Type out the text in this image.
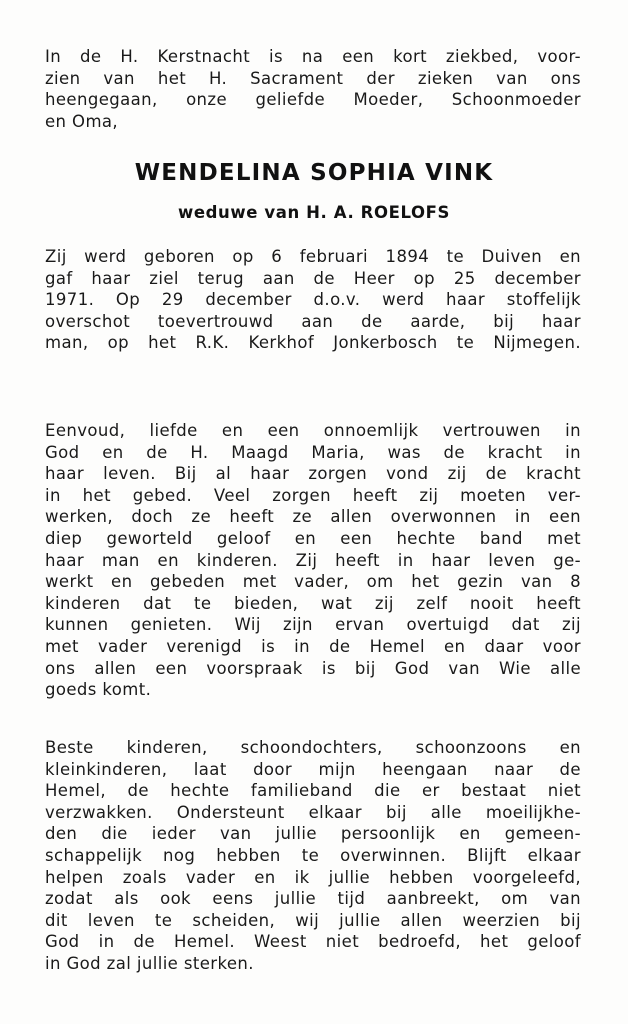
In de H. Kerstnacht is na een kort ziekbed, voor-
zien van het H. Sacrament der zieken van ons
heengegaan, onze geliefde Moeder, Schoonmoeder
en Oma,
WENDELINA SOPHIA VINK
weduwe van H. A. ROELOFS
Zij werd geboren op 6 februari 1894 te Duiven en
gaf haar ziel terug aan de Heer op 25 december
1971. Op 29 december d.o.v. werd haar stoffelijk
overschot toevertrouwd aan de aarde, bij haar
man, op het R.K. Kerkhof Jonkerbosch te Nijmegen.
Eenvoud, liefde en een onnoemlijk vertrouwen in
God en de H. Maagd Maria, was de kracht in
haar leven. Bij al haar zorgen vond zij de kracht
in het gebed. Veel zorgen heeft zij moeten ver-
werken, doch ze heeft ze allen overwonnen in een
diep geworteld geloof en een hechte band met
haar man en kinderen. Zij heeft in haar leven ge-
werkt en gebeden met vader, om het gezin van 8
kinderen dat te bieden, wat zij zelf nooit heeft
kunnen genieten. Wij zijn ervan overtuigd dat zij
met vader verenigd is in de Hemel en daar voor
ons allen een voorspraak is bij God van Wie alle
goeds komt.
Beste kinderen, schoondochters, schoonzoons en
kleinkinderen, laat door mijn heengaan naar de
Hemel, de hechte familieband die er bestaat niet
verzwakken. Ondersteunt elkaar bij alle moeilijkhe-
den die ieder van jullie persoonlijk en gemeen-
schappelijk nog hebben te overwinnen. Blijft elkaar
helpen zoals vader en ik jullie hebben voorgeleefd,
zodat als ook eens jullie tijd aanbreekt, om van
dit leven te scheiden, wij jullie allen weerzien bij
God in de Hemel. Weest niet bedroefd, het geloof
in God zal jullie sterken.
